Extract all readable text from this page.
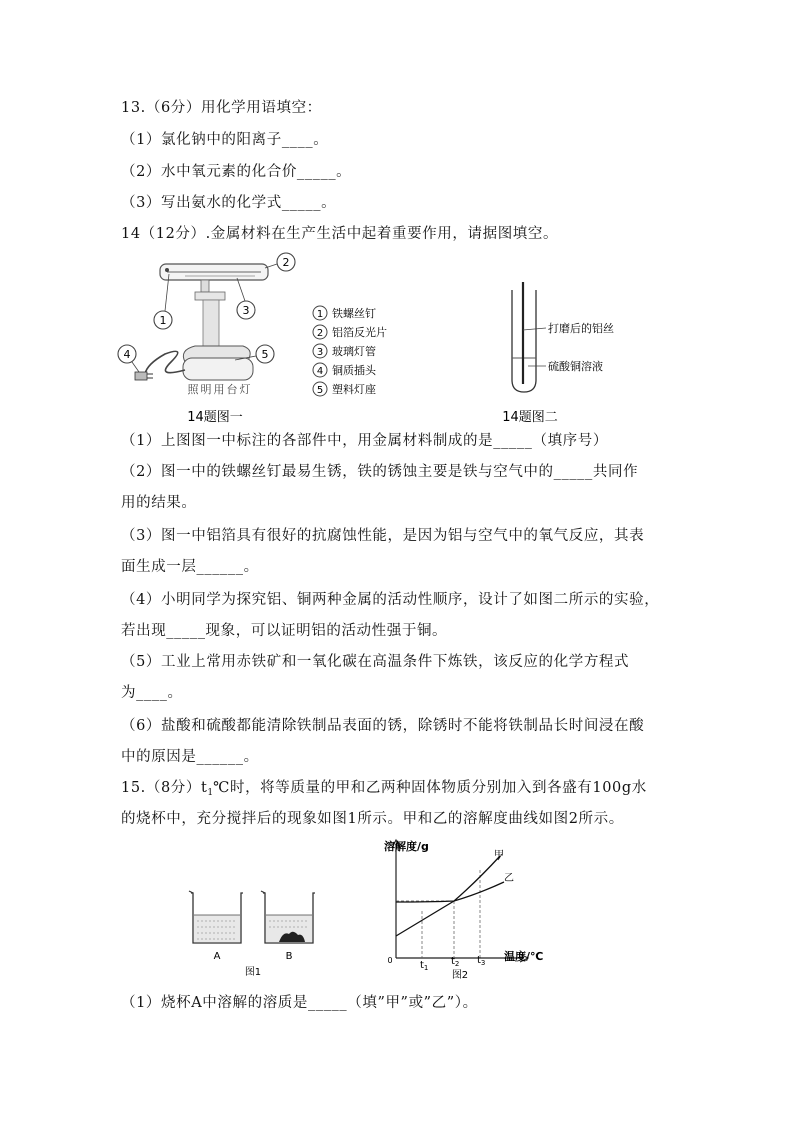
13.（6分）用化学用语填空：
（1）氯化钠中的阳离子____。
（2）水中氧元素的化合价_____。
（3）写出氨水的化学式_____。
14（12分）.金属材料在生产生活中起着重要作用，请据图填空。
2
3
1
4	5
照明用台灯
14题图一
1 铁螺丝钉
2 铝箔反光片
3 玻璃灯管
4 铜质插头
5 塑料灯座
打磨后的铝丝
硫酸铜溶液
14题图二
（1）上图图一中标注的各部件中，用金属材料制成的是_____（填序号）
（2）图一中的铁螺丝钉最易生锈，铁的锈蚀主要是铁与空气中的_____共同作
用的结果。
（3）图一中铝箔具有很好的抗腐蚀性能，是因为铝与空气中的氧气反应，其表
面生成一层______。
（4）小明同学为探究铝、铜两种金属的活动性顺序，设计了如图二所示的实验，
若出现_____现象，可以证明铝的活动性强于铜。
（5）工业上常用赤铁矿和一氧化碳在高温条件下炼铁，该反应的化学方程式
为____。
（6）盐酸和硫酸都能清除铁制品表面的锈，除锈时不能将铁制品长时间浸在酸
中的原因是______。
15.（8分）$t_1℃$时，将等质量的甲和乙两种固体物质分别加入到各盛有100g水
的烧杯中，充分搅拌后的现象如图1所示。甲和乙的溶解度曲线如图2所示。
A	B
图1
溶解度/g
温度/℃
0
甲
乙
$t_1$
$t_2$ $t_3$
图2
（1）烧杯A中溶解的溶质是_____（填”甲”或”乙”）。
